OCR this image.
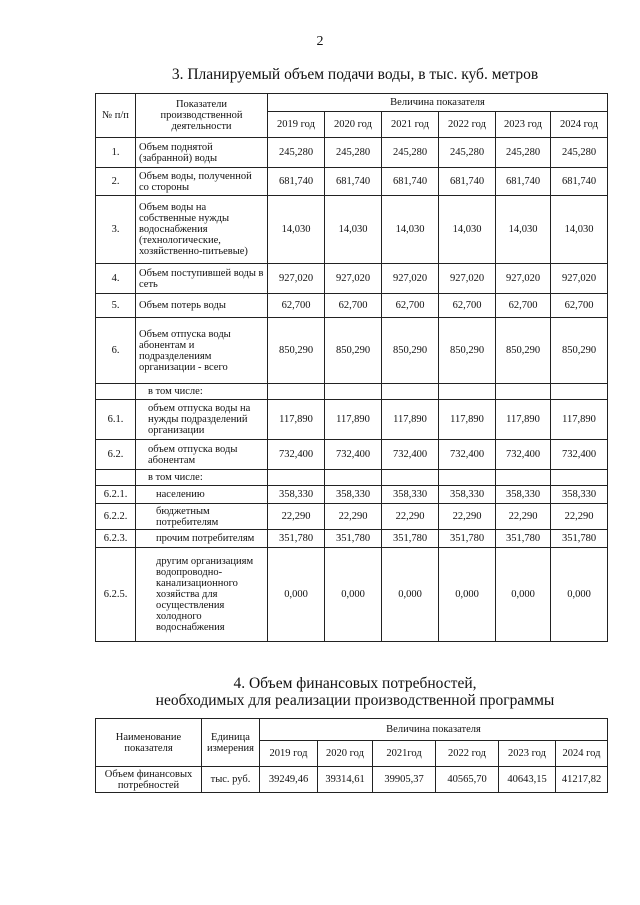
2
3. Планируемый объем подачи воды, в тыс. куб. метров
№ п/п	Показатели производственной деятельности	Величина показателя					
		2019 год	2020 год	2021 год	2022 год	2023 год	2024 год
1.	Объем поднятой (забранной) воды	245,280	245,280	245,280	245,280	245,280	245,280
2.	Объем воды, полученной со стороны	681,740	681,740	681,740	681,740	681,740	681,740
3.	Объем воды на собственные нужды водоснабжения (технологические, хозяйственно-питьевые)	14,030	14,030	14,030	14,030	14,030	14,030
4.	Объем поступившей воды в сеть	927,020	927,020	927,020	927,020	927,020	927,020
5.	Объем потерь воды	62,700	62,700	62,700	62,700	62,700	62,700
6.	Объем отпуска воды абонентам и подразделениям организации - всего	850,290	850,290	850,290	850,290	850,290	850,290
	в том числе:						
6.1.	объем отпуска воды на нужды подразделений организации	117,890	117,890	117,890	117,890	117,890	117,890
6.2.	объем отпуска воды абонентам	732,400	732,400	732,400	732,400	732,400	732,400
	в том числе:						
6.2.1.	населению	358,330	358,330	358,330	358,330	358,330	358,330
6.2.2.	бюджетным потребителям	22,290	22,290	22,290	22,290	22,290	22,290
6.2.3.	прочим потребителям	351,780	351,780	351,780	351,780	351,780	351,780
6.2.5.	другим организациям водопроводно-канализационного хозяйства для осуществления холодного водоснабжения	0,000	0,000	0,000	0,000	0,000	0,000
4. Объем финансовых потребностей,
необходимых для реализации производственной программы
Наименование показателя	Единица измерения	Величина показателя					
		2019 год	2020 год	2021год	2022 год	2023 год	2024 год
Объем финансовых потребностей	тыс. руб.	39249,46	39314,61	39905,37	40565,70	40643,15	41217,82
